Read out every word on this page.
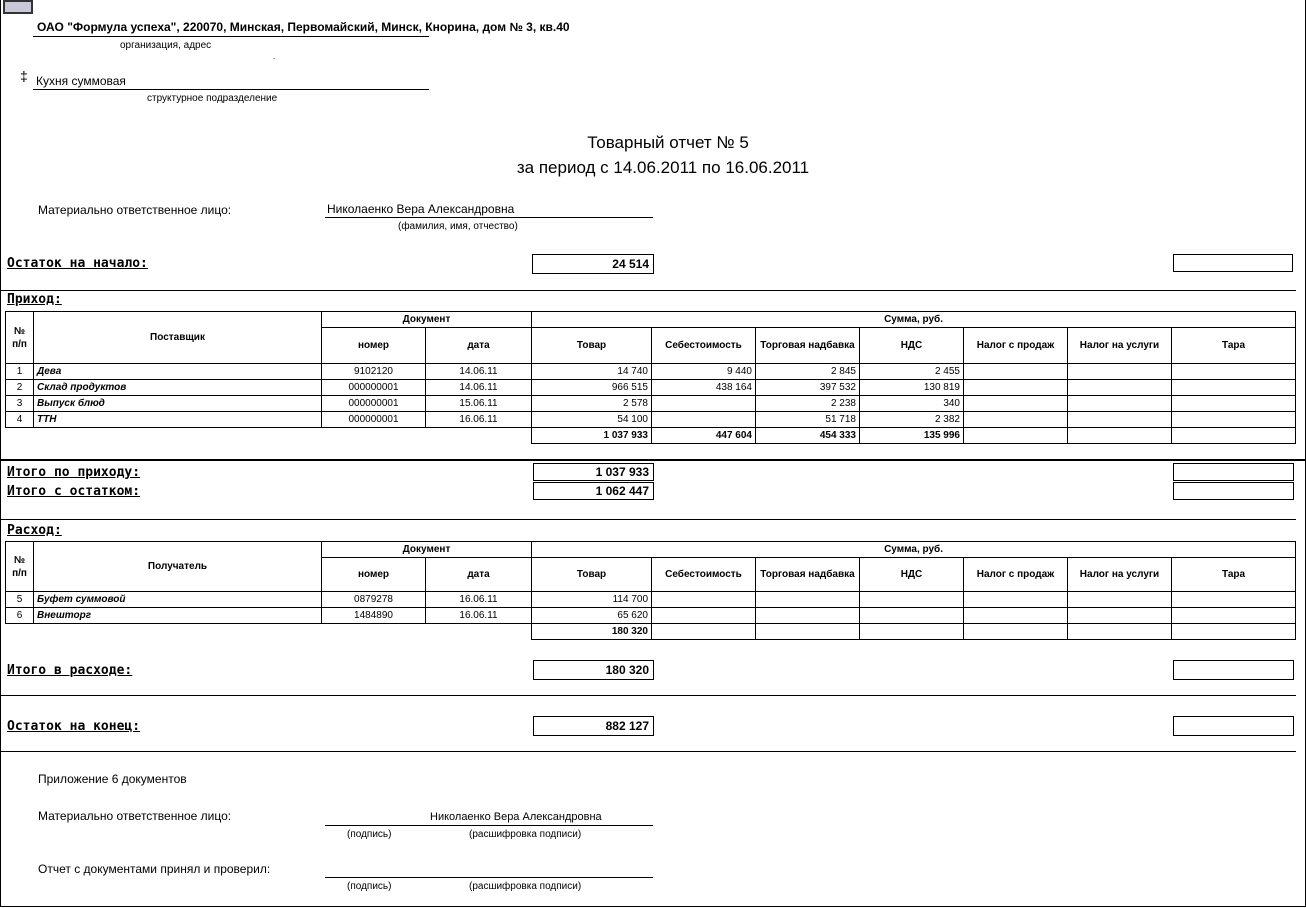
ОАО "Формула успеха", 220070, Минская, Первомайский, Минск, Кнорина, дом № 3, кв.40
организация, адрес
.
‡ Кухня суммовая
структурное подразделение
Товарный отчет № 5
за период с 14.06.2011 по 16.06.2011
Материально ответственное лицо:	Николаенко Вера Александровна
(фамилия, имя, отчество)
Остаток на начало:	24 514
Приход:
№ п/п	Поставщик	Документ		Сумма, руб.						
		номер	дата	Товар	Себестоимость	Торговая надбавка	НДС	Налог с продаж	Налог на услуги	Тара
1	Дева	9102120	14.06.11	14 740	9 440	2 845	2 455			
2	Склад продуктов	000000001	14.06.11	966 515	438 164	397 532	130 819			
3	Выпуск блюд	000000001	15.06.11	2 578		2 238	340			
4	ТТН	000000001	16.06.11	54 100		51 718	2 382			
				1 037 933	447 604	454 333	135 996			
Итого по приходу:	1 037 933
Итого с остатком:	1 062 447
Расход:
№ п/п	Получатель	Документ		Сумма, руб.						
		номер	дата	Товар	Себестоимость	Торговая надбавка	НДС	Налог с продаж	Налог на услуги	Тара
5	Буфет суммовой	0879278	16.06.11	114 700						
6	Внешторг	1484890	16.06.11	65 620						
				180 320						
Итого в расходе:	180 320
Остаток на конец:	882 127
Приложение 6 документов
Материально ответственное лицо:	Николаенко Вера Александровна
(подпись)	(расшифровка подписи)
Отчет с документами принял и проверил:
(подпись)	(расшифровка подписи)
